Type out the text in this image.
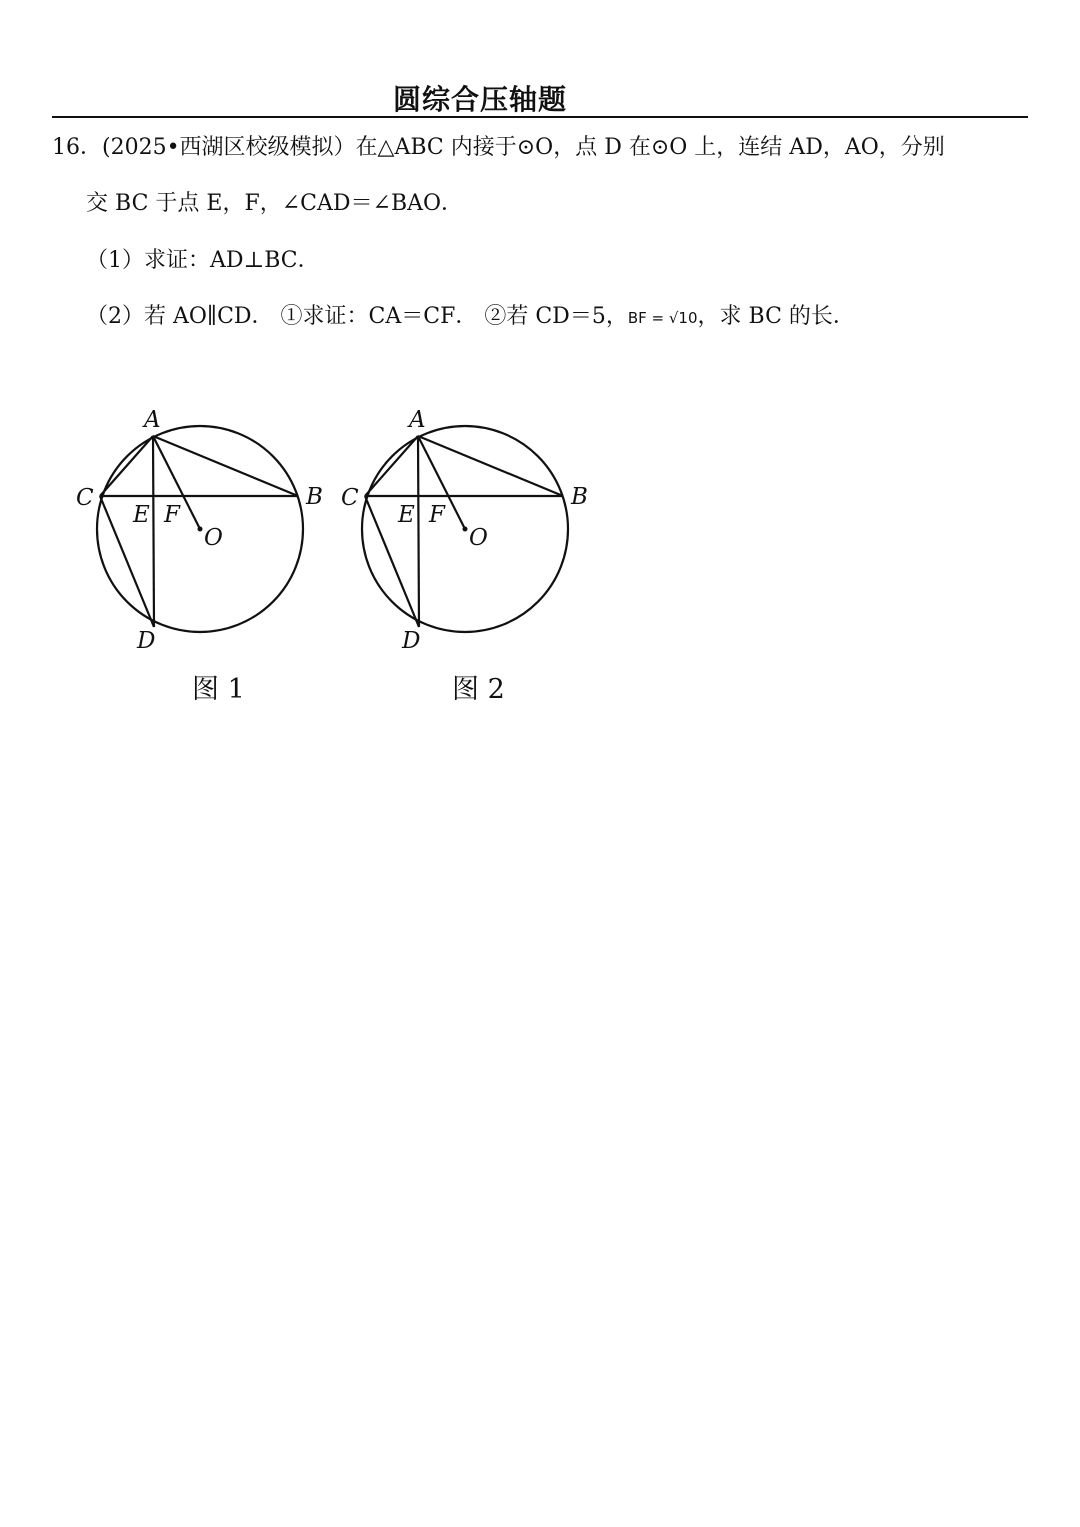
圆综合压轴题
16．(2025•西湖区校级模拟）在△ABC 内接于⊙O，点 D 在⊙O 上，连结 AD，AO，分别
交 BC 于点 E，F，∠CAD＝∠BAO．
（1）求证：AD⊥BC．
（2）若 AO∥CD． ①求证：CA＝CF． ②若 CD＝5，BF = √10，求 BC 的长．
A
B
C
D
E F
O
图 1
A
B
C
D
E F
O
图 2
